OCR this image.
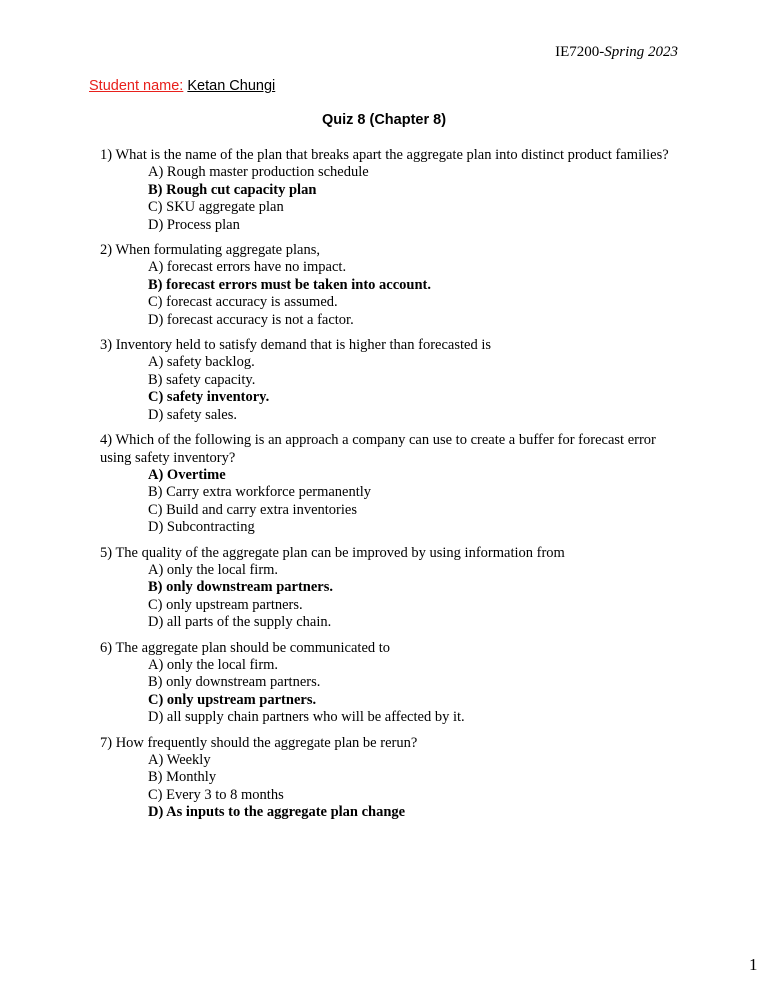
IE7200-Spring 2023
Student name: Ketan Chungi
Quiz 8 (Chapter 8)
1) What is the name of the plan that breaks apart the aggregate plan into distinct product families?
A) Rough master production schedule
B) Rough cut capacity plan
C) SKU aggregate plan
D) Process plan
2) When formulating aggregate plans,
A) forecast errors have no impact.
B) forecast errors must be taken into account.
C) forecast accuracy is assumed.
D) forecast accuracy is not a factor.
3) Inventory held to satisfy demand that is higher than forecasted is
A) safety backlog.
B) safety capacity.
C) safety inventory.
D) safety sales.
4) Which of the following is an approach a company can use to create a buffer for forecast error using safety inventory?
A) Overtime
B) Carry extra workforce permanently
C) Build and carry extra inventories
D) Subcontracting
5) The quality of the aggregate plan can be improved by using information from
A) only the local firm.
B) only downstream partners.
C) only upstream partners.
D) all parts of the supply chain.
6) The aggregate plan should be communicated to
A) only the local firm.
B) only downstream partners.
C) only upstream partners.
D) all supply chain partners who will be affected by it.
7) How frequently should the aggregate plan be rerun?
A) Weekly
B) Monthly
C) Every 3 to 8 months
D) As inputs to the aggregate plan change
1
